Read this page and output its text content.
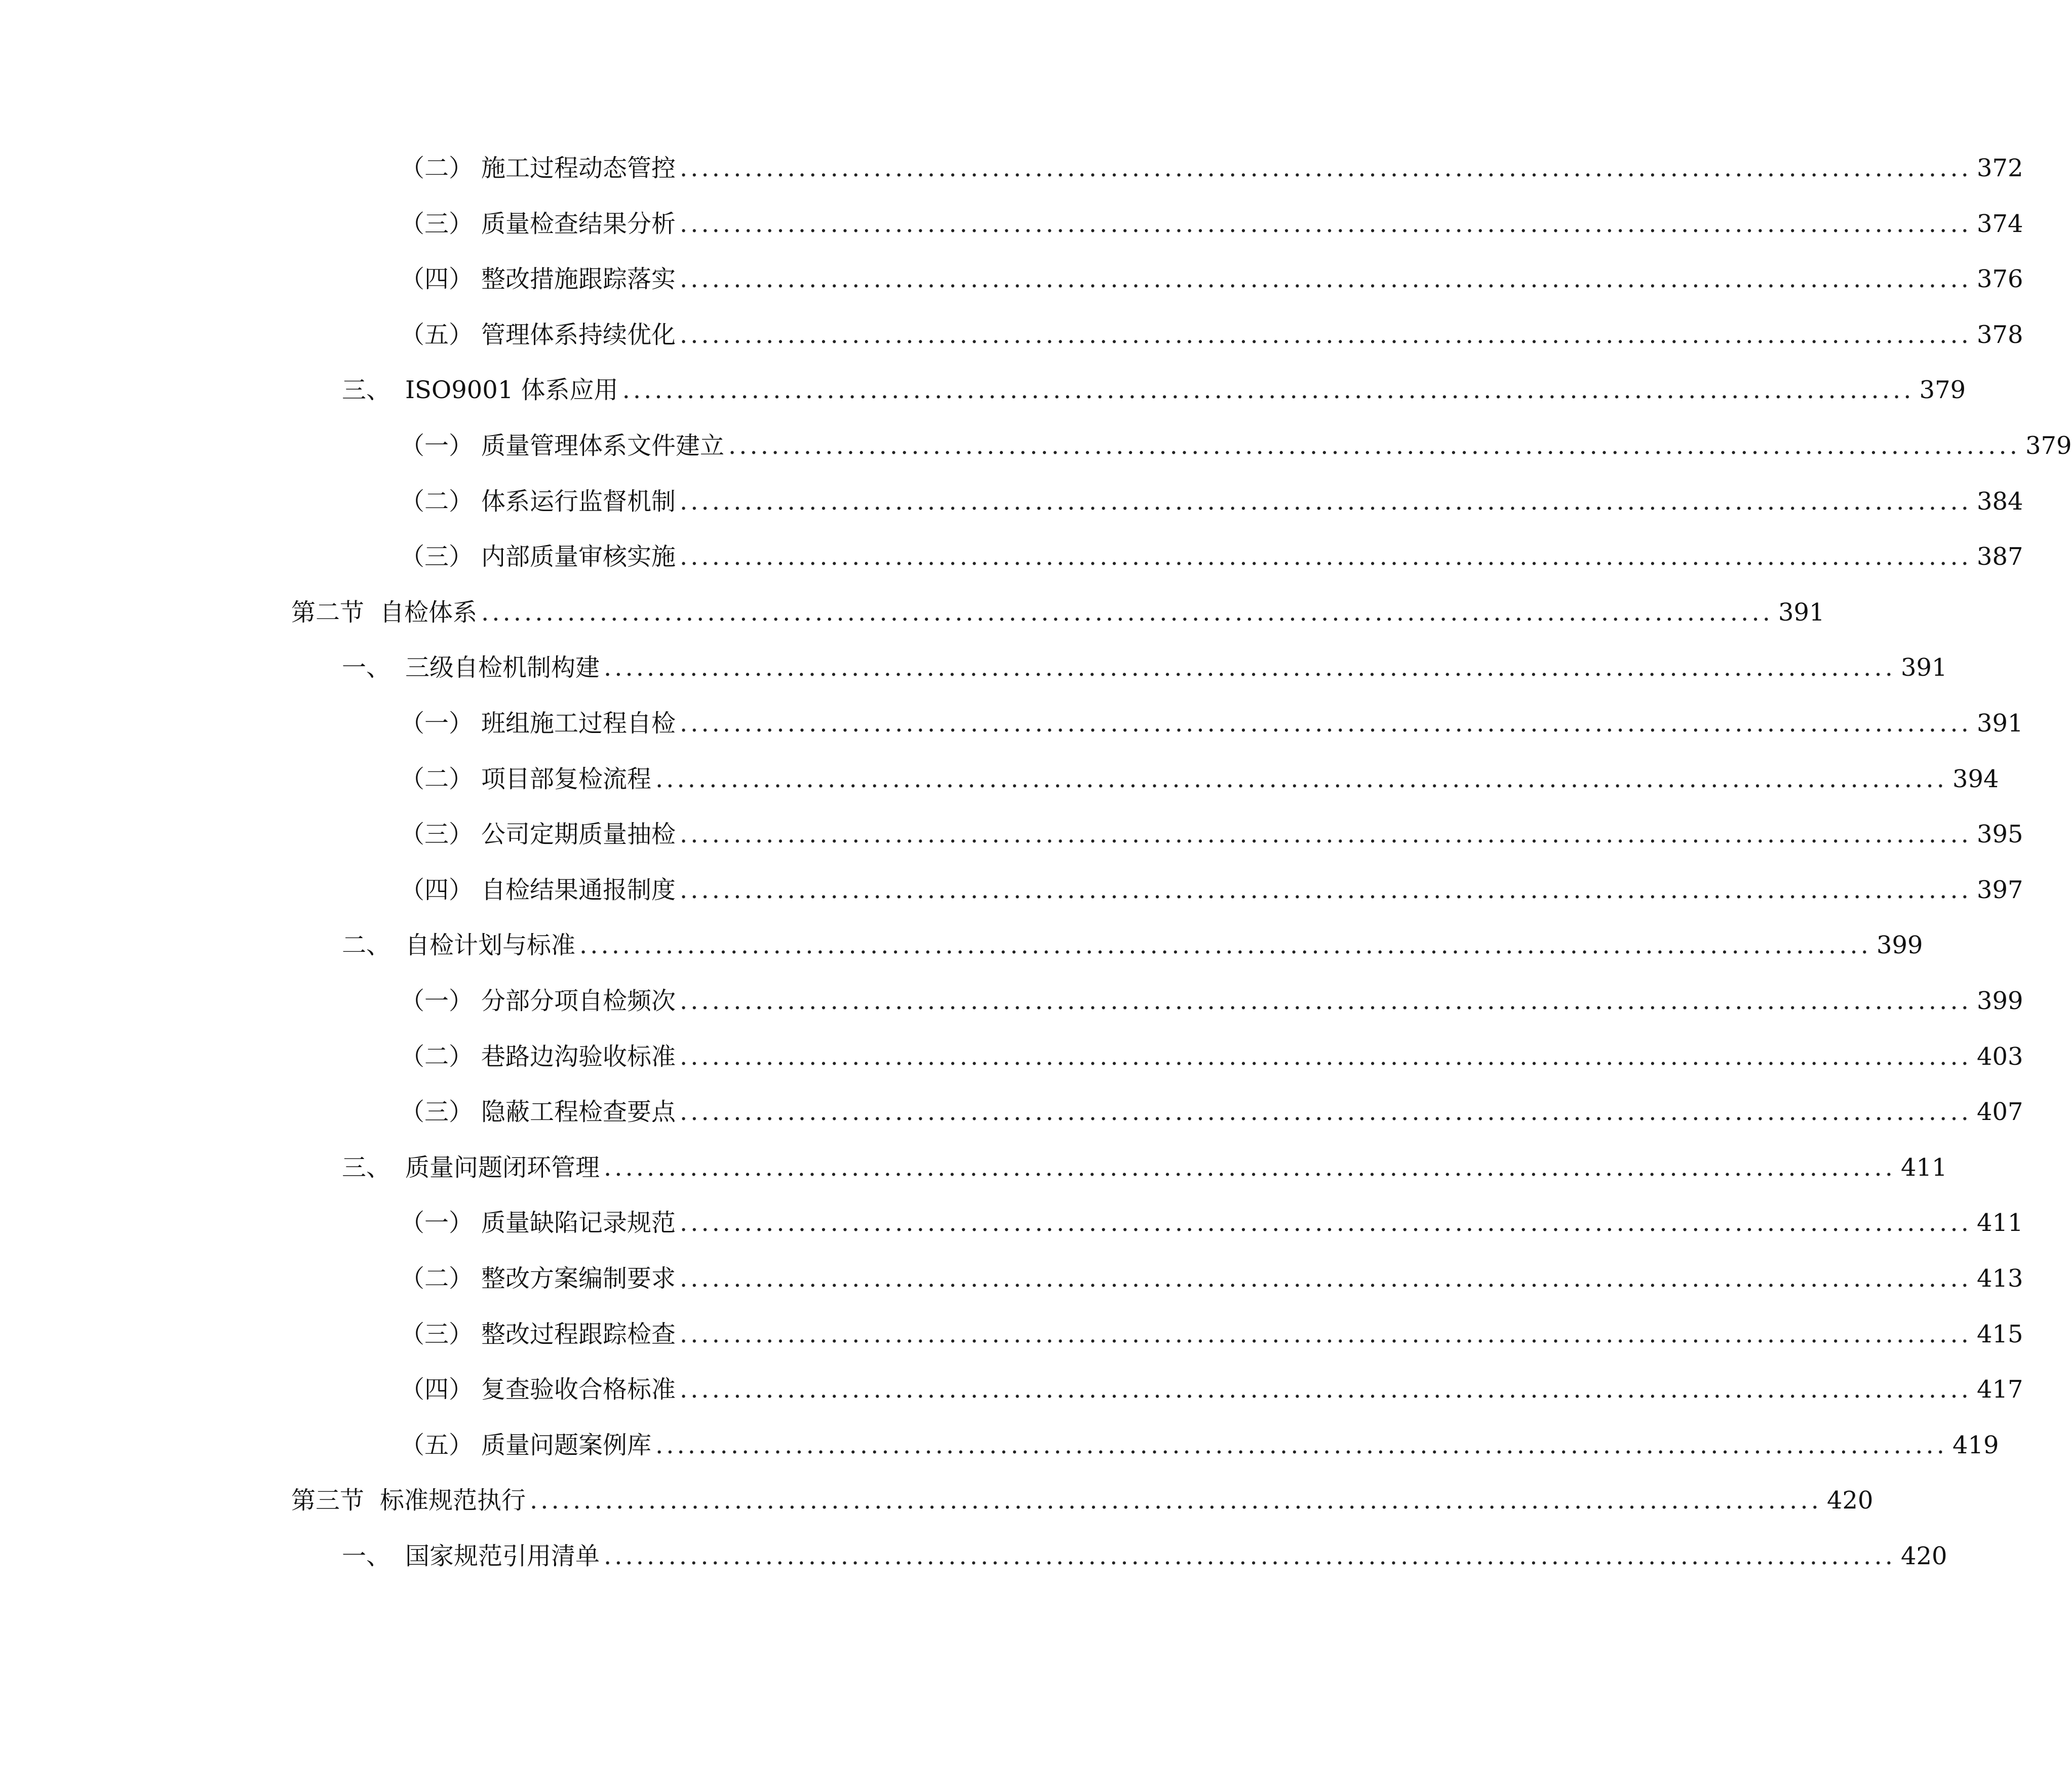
（二） 施工过程动态管控 ........................................................................................................................ 372
（三） 质量检查结果分析 ........................................................................................................................ 374
（四） 整改措施跟踪落实 ........................................................................................................................ 376
（五） 管理体系持续优化 ........................................................................................................................ 378
三、 ISO9001 体系应用 ........................................................................................................................ 379
（一） 质量管理体系文件建立 ........................................................................................................................ 379
（二） 体系运行监督机制 ........................................................................................................................ 384
（三） 内部质量审核实施 ........................................................................................................................ 387
第二节 自检体系 ........................................................................................................................ 391
一、 三级自检机制构建 ........................................................................................................................ 391
（一） 班组施工过程自检 ........................................................................................................................ 391
（二） 项目部复检流程 ........................................................................................................................ 394
（三） 公司定期质量抽检 ........................................................................................................................ 395
（四） 自检结果通报制度 ........................................................................................................................ 397
二、 自检计划与标准 ........................................................................................................................ 399
（一） 分部分项自检频次 ........................................................................................................................ 399
（二） 巷路边沟验收标准 ........................................................................................................................ 403
（三） 隐蔽工程检查要点 ........................................................................................................................ 407
三、 质量问题闭环管理 ........................................................................................................................ 411
（一） 质量缺陷记录规范 ........................................................................................................................ 411
（二） 整改方案编制要求 ........................................................................................................................ 413
（三） 整改过程跟踪检查 ........................................................................................................................ 415
（四） 复查验收合格标准 ........................................................................................................................ 417
（五） 质量问题案例库 ........................................................................................................................ 419
第三节 标准规范执行 ........................................................................................................................ 420
一、 国家规范引用清单 ........................................................................................................................ 420
